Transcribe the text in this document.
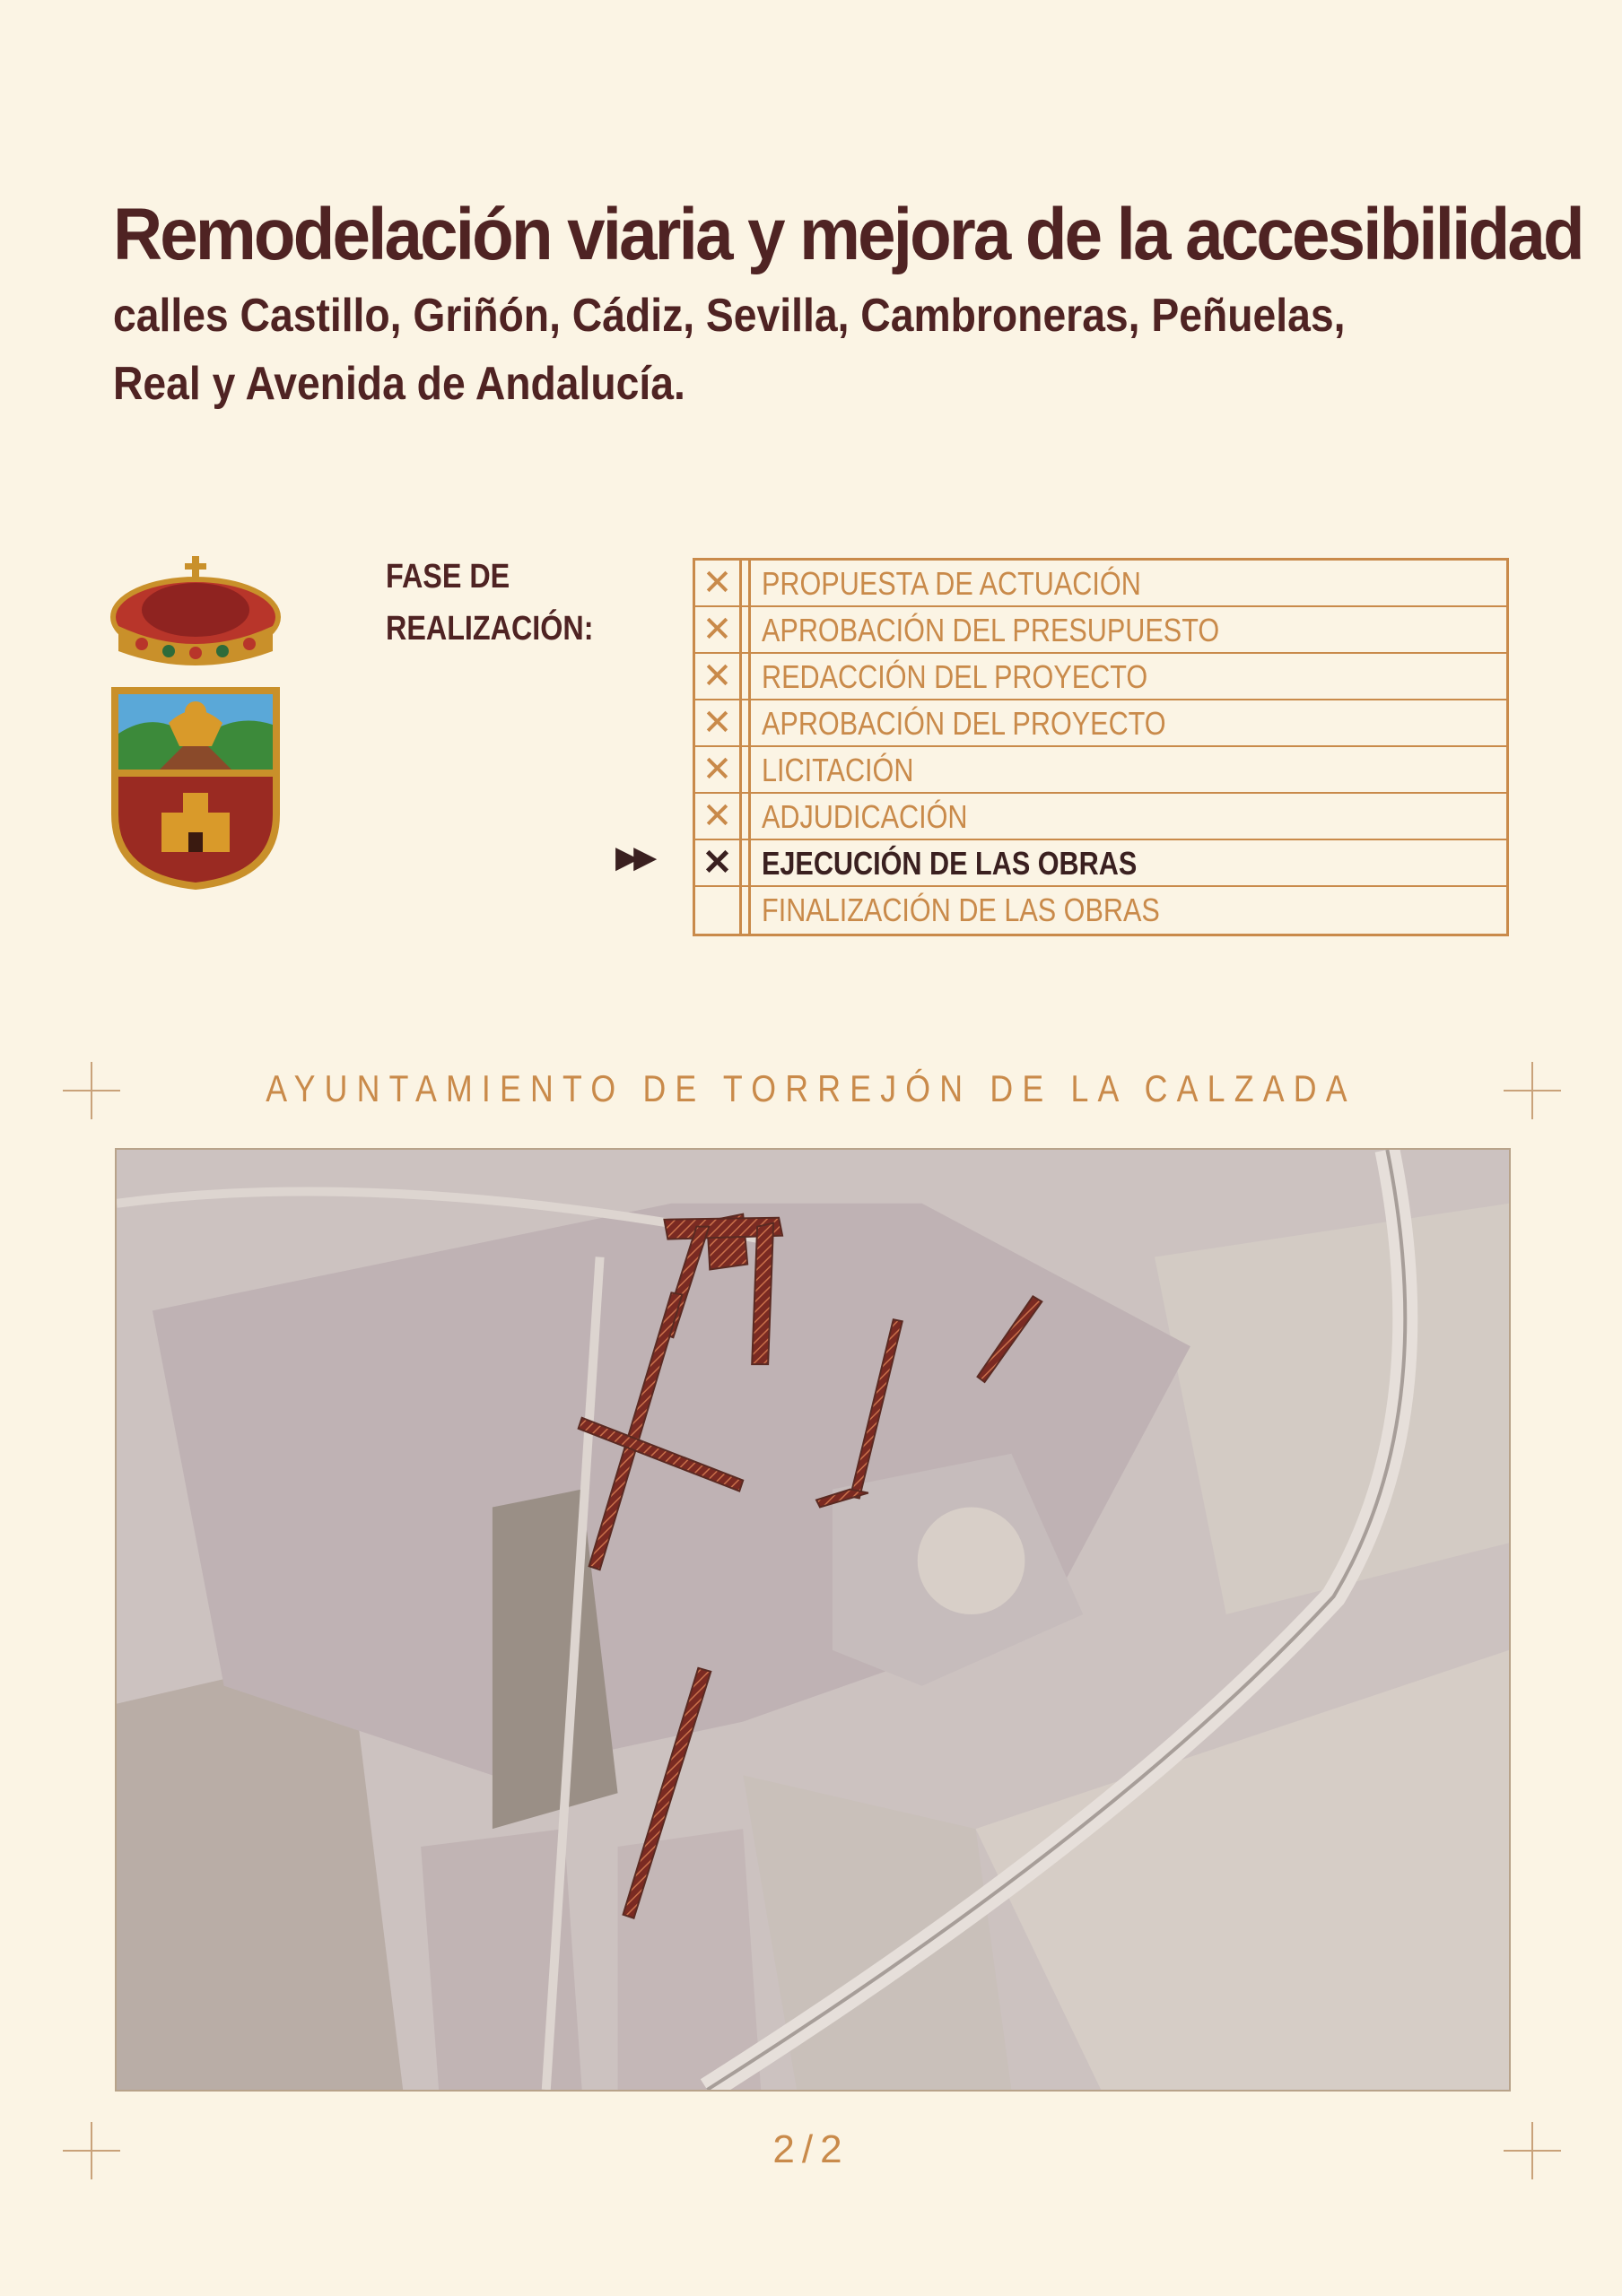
Remodelación viaria y mejora de la accesibilidad
calles Castillo, Griñón, Cádiz, Sevilla, Cambroneras, Peñuelas, Real y Avenida de Andalucía.
FASE DE
REALIZACIÓN:
▶▶
✕ PROPUESTA DE ACTUACIÓN
✕ APROBACIÓN DEL PRESUPUESTO
✕ REDACCIÓN DEL PROYECTO
✕ APROBACIÓN DEL PROYECTO
✕ LICITACIÓN
✕ ADJUDICACIÓN
✕ EJECUCIÓN DE LAS OBRAS
FINALIZACIÓN DE LAS OBRAS
AYUNTAMIENTO DE TORREJÓN DE LA CALZADA
2/2
